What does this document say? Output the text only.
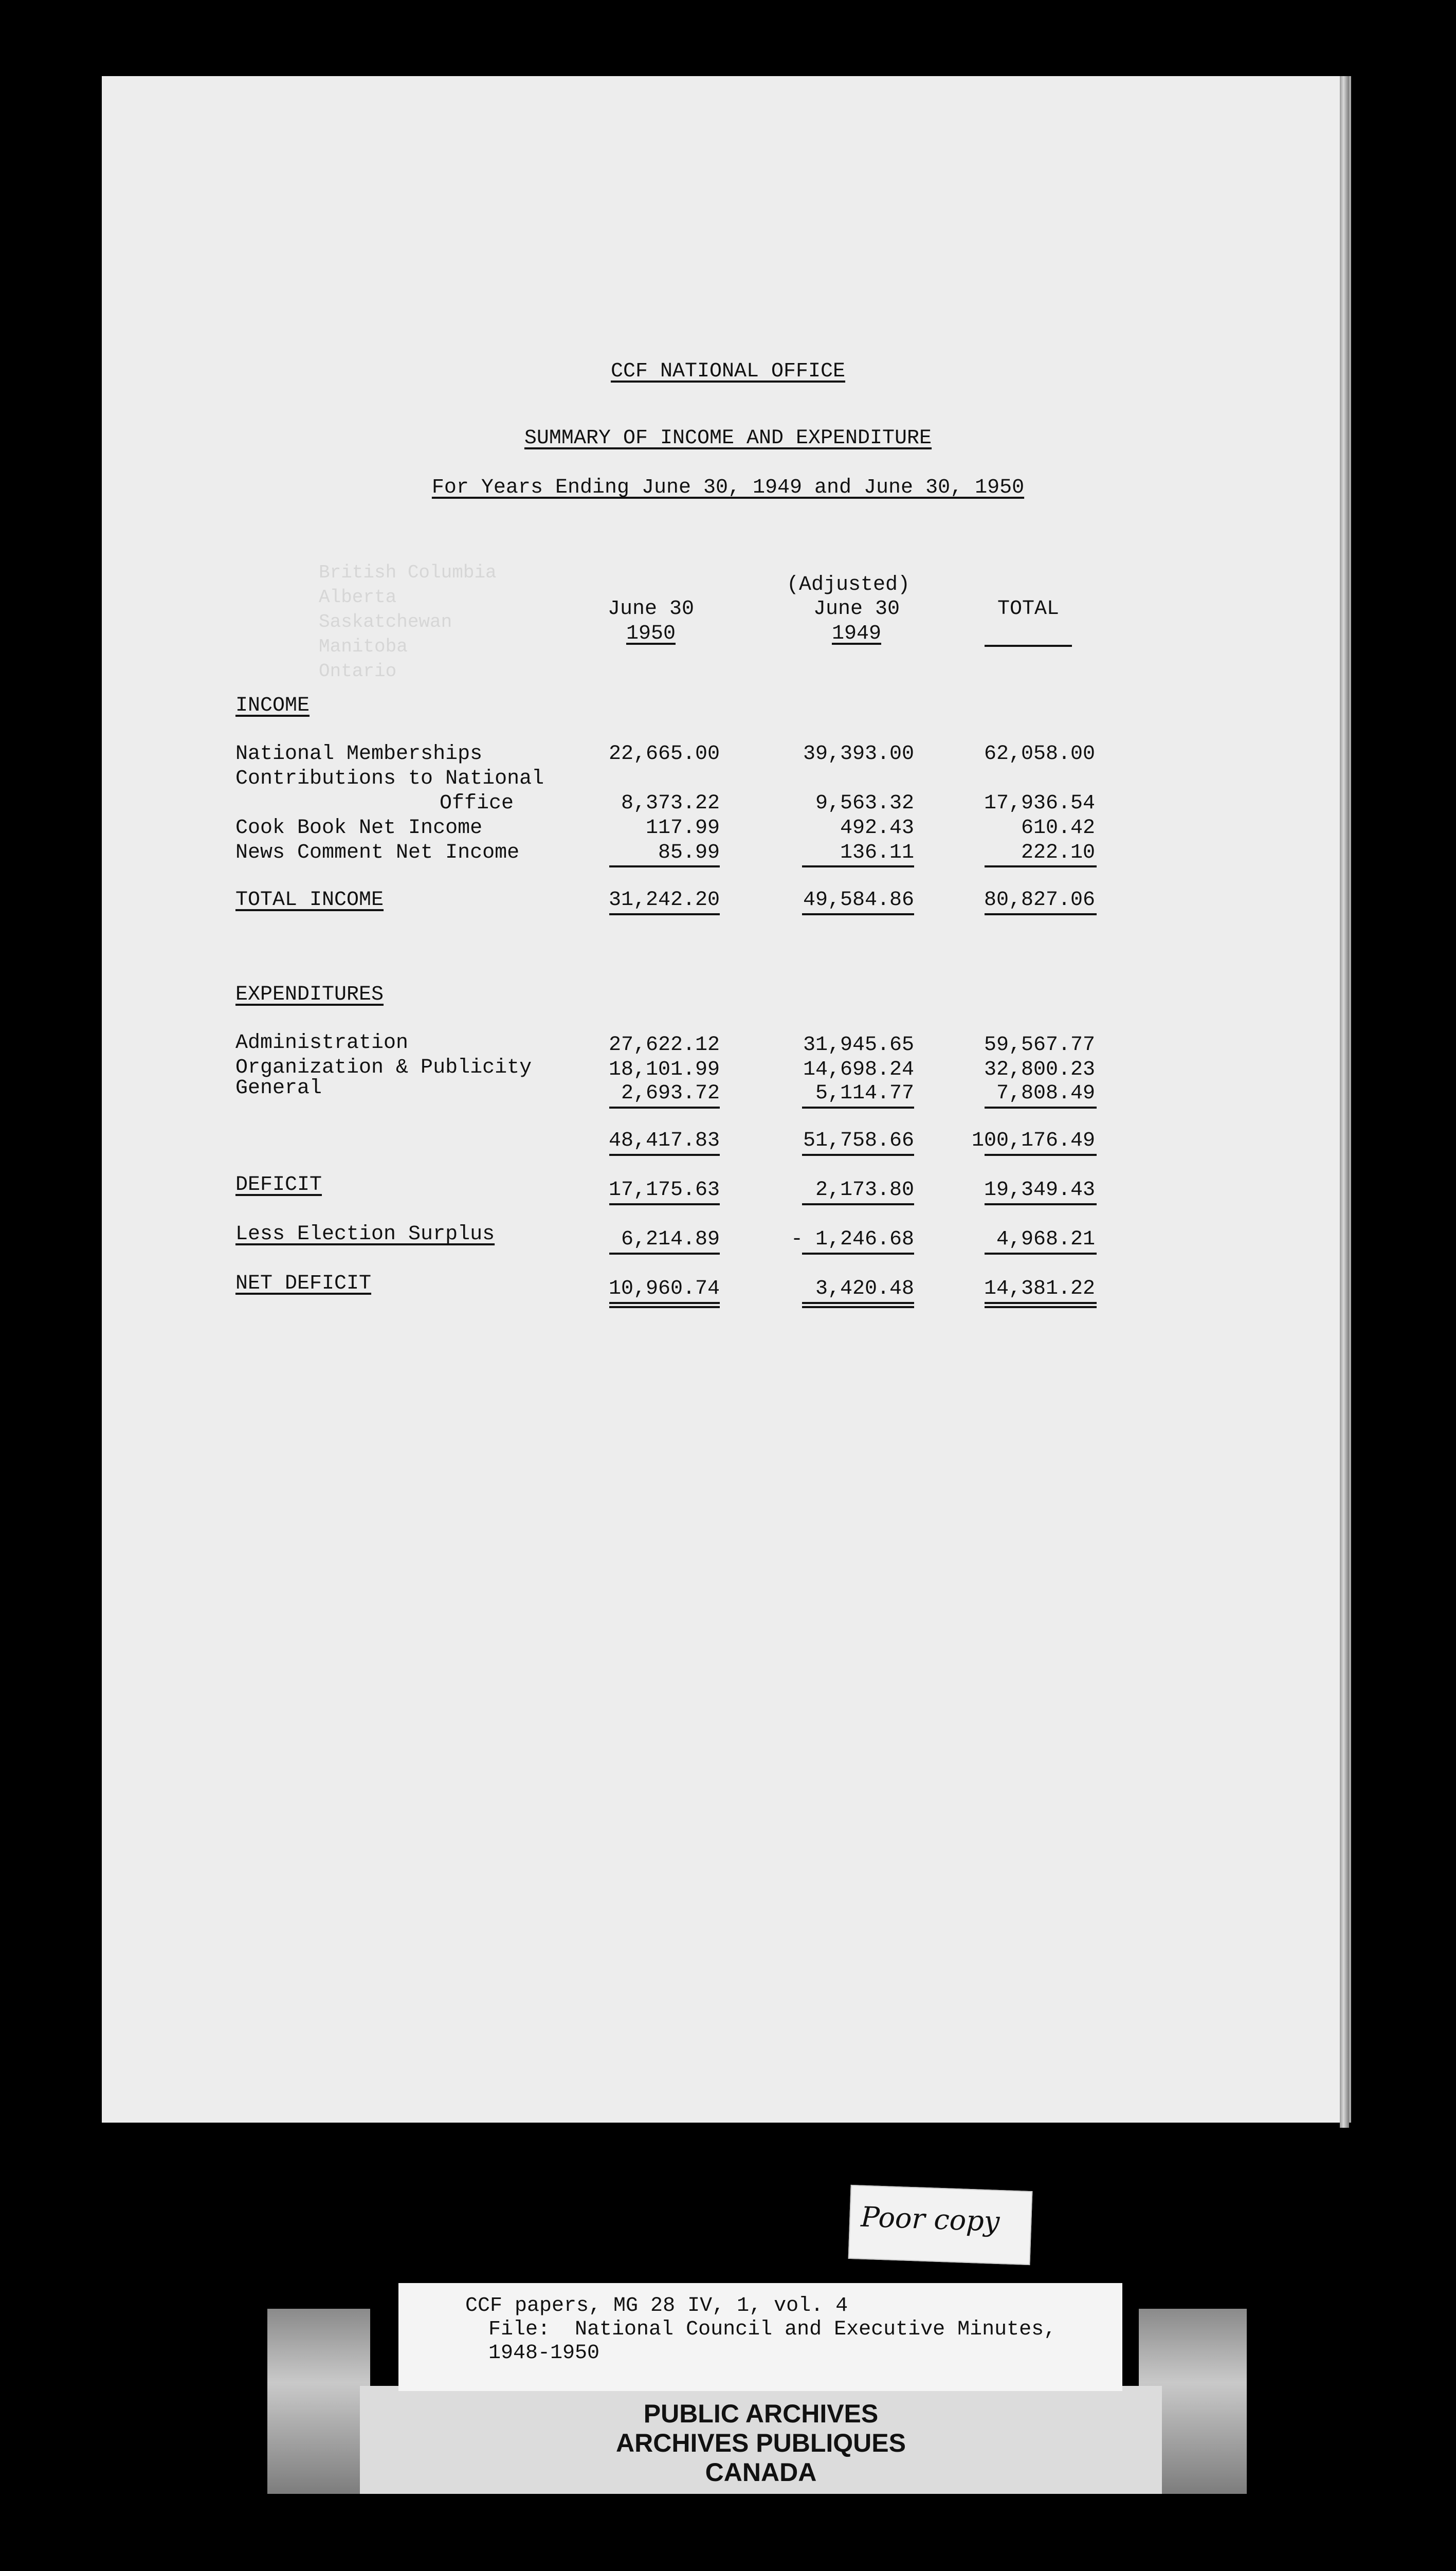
British Columbia
Alberta
Saskatchewan
Manitoba
Ontario
CCF NATIONAL OFFICE
SUMMARY OF INCOME AND EXPENDITURE
For Years Ending June 30, 1949 and June 30, 1950
(Adjusted)
June 30	June 30	TOTAL
1950	1949
INCOME
National Memberships	22,665.00	39,393.00	62,058.00
Contributions to National
Office	8,373.22	9,563.32	17,936.54
Cook Book Net Income	117.99	492.43	610.42
News Comment Net Income	85.99	136.11	222.10
TOTAL INCOME	31,242.20	49,584.86	80,827.06
EXPENDITURES
Administration	27,622.12	31,945.65	59,567.77
Organization & Publicity	18,101.99	14,698.24	32,800.23
General	2,693.72	5,114.77	7,808.49
48,417.83	51,758.66	100,176.49
DEFICIT	17,175.63	2,173.80	19,349.43
Less Election Surplus	6,214.89	- 1,246.68	4,968.21
NET DEFICIT	10,960.74	3,420.48	14,381.22
Poor copy
CCF papers, MG 28 IV, 1, vol. 4
File:  National Council and Executive Minutes,
1948-1950
PUBLIC ARCHIVES
ARCHIVES PUBLIQUES
CANADA
